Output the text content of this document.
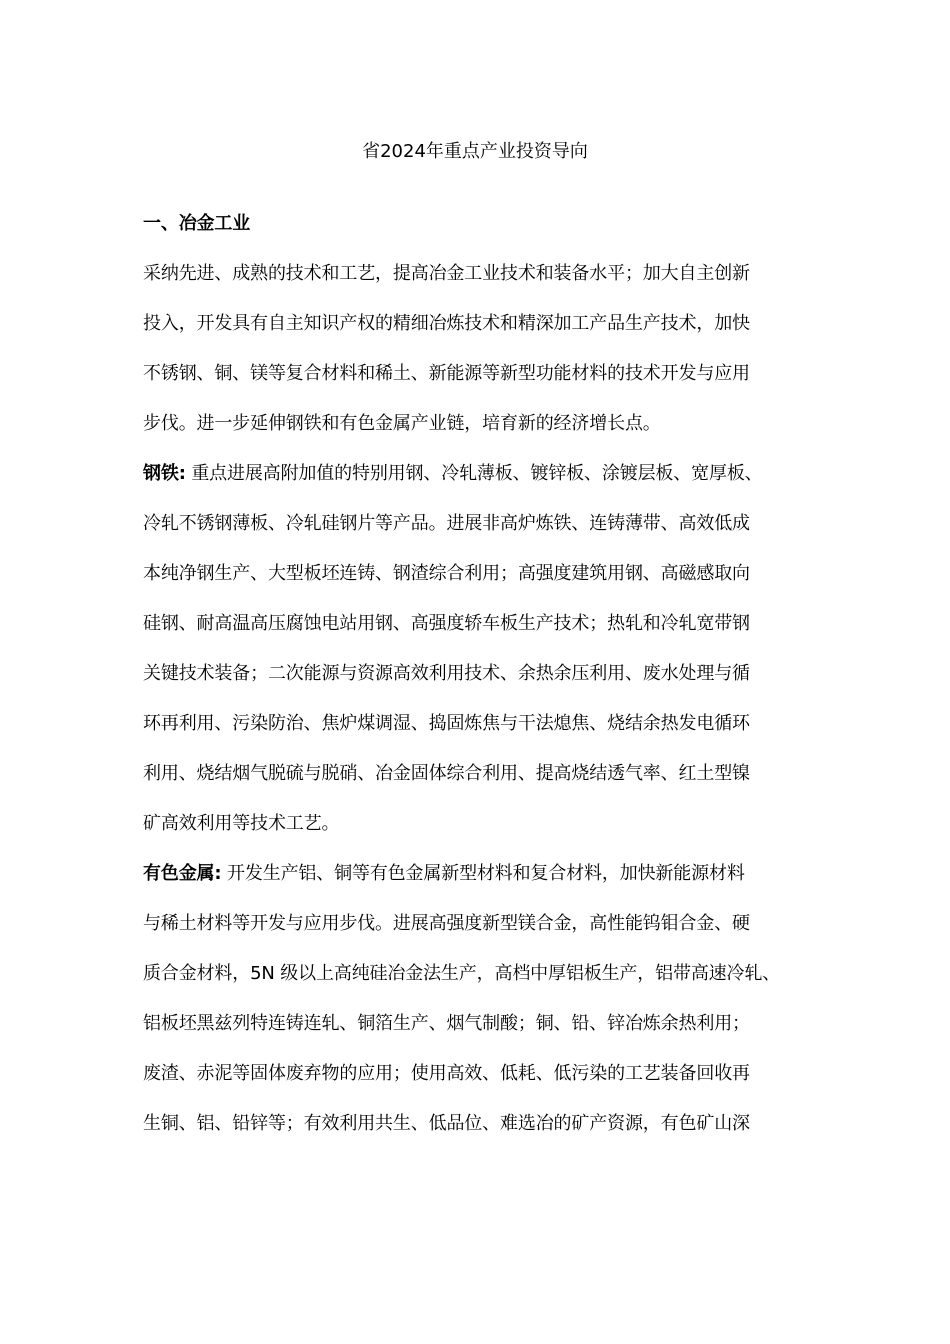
省2024年重点产业投资导向
一、冶金工业
采纳先进、成熟的技术和工艺，提高冶金工业技术和装备水平；加大自主创新
投入，开发具有自主知识产权的精细冶炼技术和精深加工产品生产技术，加快
不锈钢、铜、镁等复合材料和稀土、新能源等新型功能材料的技术开发与应用
步伐。进一步延伸钢铁和有色金属产业链，培育新的经济增长点。
钢铁: 重点进展高附加值的特别用钢、冷轧薄板、镀锌板、涂镀层板、宽厚板、
冷轧不锈钢薄板、冷轧硅钢片等产品。进展非高炉炼铁、连铸薄带、高效低成
本纯净钢生产、大型板坯连铸、钢渣综合利用；高强度建筑用钢、高磁感取向
硅钢、耐高温高压腐蚀电站用钢、高强度轿车板生产技术；热轧和冷轧宽带钢
关键技术装备；二次能源与资源高效利用技术、余热余压利用、废水处理与循
环再利用、污染防治、焦炉煤调湿、捣固炼焦与干法熄焦、烧结余热发电循环
利用、烧结烟气脱硫与脱硝、冶金固体综合利用、提高烧结透气率、红土型镍
矿高效利用等技术工艺。
有色金属: 开发生产铝、铜等有色金属新型材料和复合材料，加快新能源材料
与稀土材料等开发与应用步伐。进展高强度新型镁合金，高性能钨钼合金、硬
质合金材料，5N 级以上高纯硅冶金法生产，高档中厚铝板生产，铝带高速冷轧、
铝板坯黑兹列特连铸连轧、铜箔生产、烟气制酸；铜、铅、锌冶炼余热利用；
废渣、赤泥等固体废弃物的应用；使用高效、低耗、低污染的工艺装备回收再
生铜、铝、铅锌等；有效利用共生、低品位、难选冶的矿产资源，有色矿山深
